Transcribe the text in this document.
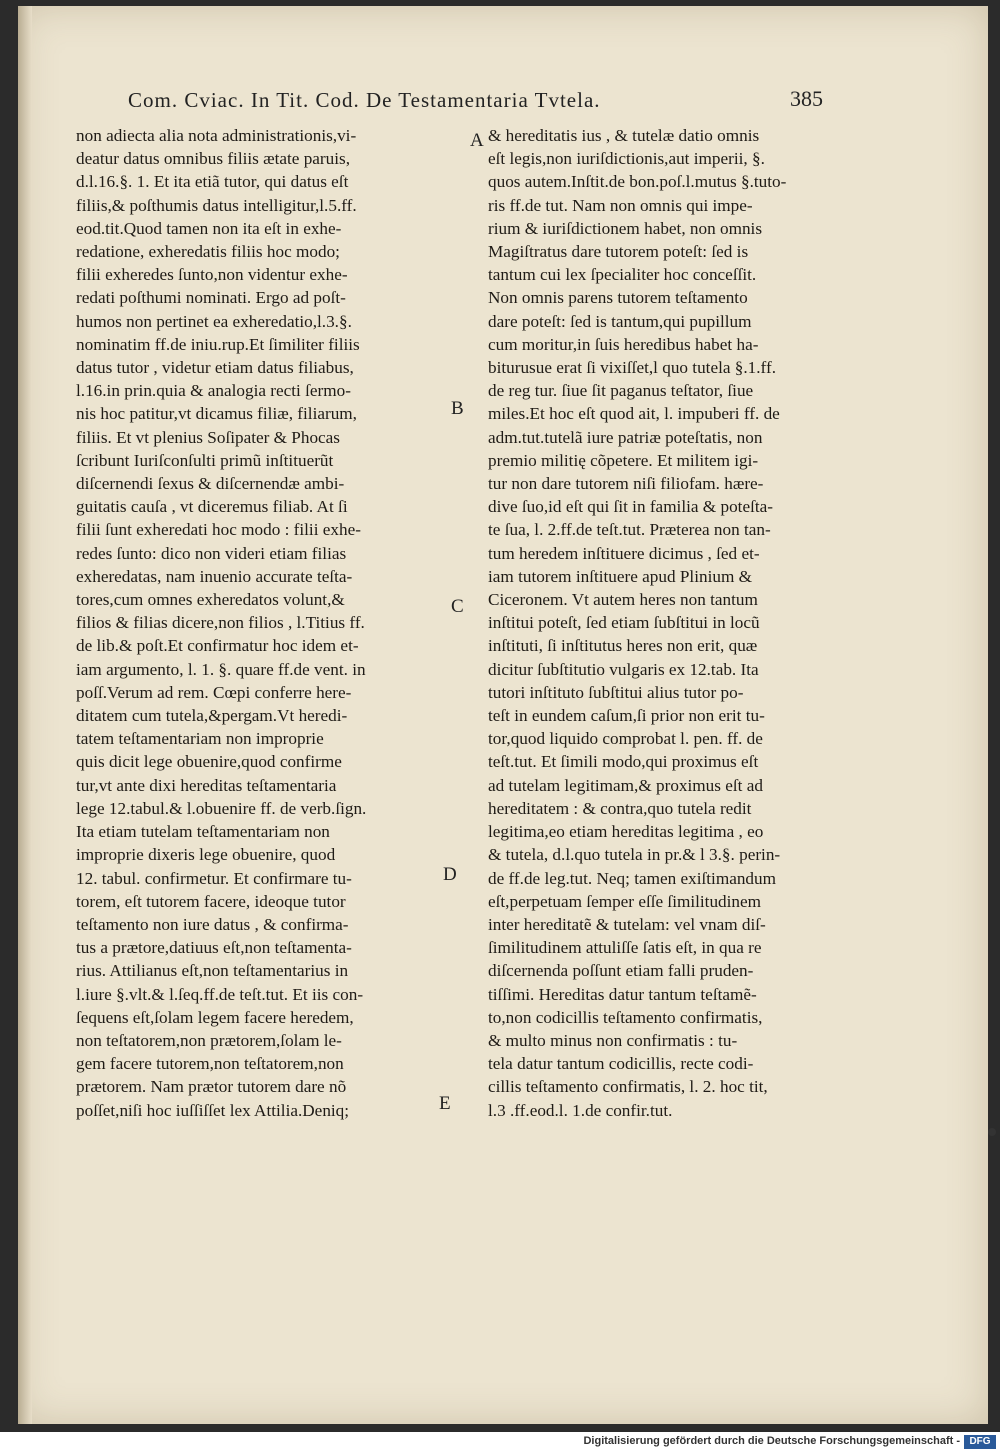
Com. Cviac. In Tit. Cod. De Testamentaria Tvtela.	385
non adiecta alia nota administrationis,vi-
deatur datus omnibus filiis ætate paruis,
d.l.16.§. 1. Et ita etiã tutor, qui datus eſt
filiis,& poſthumis datus intelligitur,l.5.ff.
eod.tit.Quod tamen non ita eſt in exhe-
redatione, exheredatis filiis hoc modo;
filii exheredes ſunto,non videntur exhe-
redati poſthumi nominati. Ergo ad poſt-
humos non pertinet ea exheredatio,l.3.§.
nominatim ff.de iniu.rup.Et ſimiliter filiis
datus tutor , videtur etiam datus filiabus,
l.16.in prin.quia & analogia recti ſermo-
nis hoc patitur,vt dicamus filiæ, filiarum,
filiis. Et vt plenius Soſipater & Phocas
ſcribunt Iuriſconſulti primũ inſtituerũt
diſcernendi ſexus & diſcernendæ ambi-
guitatis cauſa , vt diceremus filiab. At ſi
filii ſunt exheredati hoc modo : filii exhe-
redes ſunto: dico non videri etiam filias
exheredatas, nam inuenio accurate teſta-
tores,cum omnes exheredatos volunt,&
filios & filias dicere,non filios , l.Titius ff.
de lib.& poſt.Et confirmatur hoc idem et-
iam argumento, l. 1. §. quare ff.de vent. in
poſſ.Verum ad rem. Cœpi conferre here-
ditatem cum tutela,&pergam.Vt heredi-
tatem teſtamentariam non improprie
quis dicit lege obuenire,quod confirme
tur,vt ante dixi hereditas teſtamentaria
lege 12.tabul.& l.obuenire ff. de verb.ſign.
Ita etiam tutelam teſtamentariam non
improprie dixeris lege obuenire, quod
12. tabul. confirmetur. Et confirmare tu-
torem, eſt tutorem facere, ideoque tutor
teſtamento non iure datus , & confirma-
tus a prætore,datiuus eſt,non teſtamenta-
rius. Attilianus eſt,non teſtamentarius in
l.iure §.vlt.& l.ſeq.ff.de teſt.tut. Et iis con-
ſequens eſt,ſolam legem facere heredem,
non teſtatorem,non prætorem,ſolam le-
gem facere tutorem,non teſtatorem,non
prætorem. Nam prætor tutorem dare nõ
poſſet,niſi hoc iuſſiſſet lex Attilia.Deniq;
& hereditatis ius , & tutelæ datio omnis
eſt legis,non iuriſdictionis,aut imperii, §.
quos autem.Inſtit.de bon.poſ.l.mutus §.tuto-
ris ff.de tut. Nam non omnis qui impe-
rium & iuriſdictionem habet, non omnis
Magiſtratus dare tutorem poteſt: ſed is
tantum cui lex ſpecialiter hoc conceſſit.
Non omnis parens tutorem teſtamento
dare poteſt: ſed is tantum,qui pupillum
cum moritur,in ſuis heredibus habet ha-
biturusue erat ſi vixiſſet,l quo tutela §.1.ff.
de reg tur. ſiue ſit paganus teſtator, ſiue
miles.Et hoc eſt quod ait, l. impuberi ff. de
adm.tut.tutelã iure patriæ poteſtatis, non
premio militię cõpetere. Et militem igi-
tur non dare tutorem niſi filiofam. hære-
dive ſuo,id eſt qui ſit in familia & poteſta-
te ſua, l. 2.ff.de teſt.tut. Præterea non tan-
tum heredem inſtituere dicimus , ſed et-
iam tutorem inſtituere apud Plinium &
Ciceronem. Vt autem heres non tantum
inſtitui poteſt, ſed etiam ſubſtitui in locũ
inſtituti, ſi inſtitutus heres non erit, quæ
dicitur ſubſtitutio vulgaris ex 12.tab. Ita
tutori inſtituto ſubſtitui alius tutor po-
teſt in eundem caſum,ſi prior non erit tu-
tor,quod liquido comprobat l. pen. ff. de
teſt.tut. Et ſimili modo,qui proximus eſt
ad tutelam legitimam,& proximus eſt ad
hereditatem : & contra,quo tutela redit
legitima,eo etiam hereditas legitima , eo
& tutela, d.l.quo tutela in pr.& l 3.§. perin-
de ff.de leg.tut. Neq; tamen exiſtimandum
eſt,perpetuam ſemper eſſe ſimilitudinem
inter hereditatẽ & tutelam: vel vnam diſ-
ſimilitudinem attuliſſe ſatis eſt, in qua re
diſcernenda poſſunt etiam falli pruden-
tiſſimi. Hereditas datur tantum teſtamẽ-
to,non codicillis teſtamento confirmatis,
& multo minus non confirmatis : tu-
tela datur tantum codicillis, recte codi-
cillis teſtamento confirmatis, l. 2. hoc tit,
l.3 .ff.eod.l. 1.de confir.tut.
A
B
C
D
E
Digitalisierung gefördert durch die Deutsche Forschungsgemeinschaft - DFG
